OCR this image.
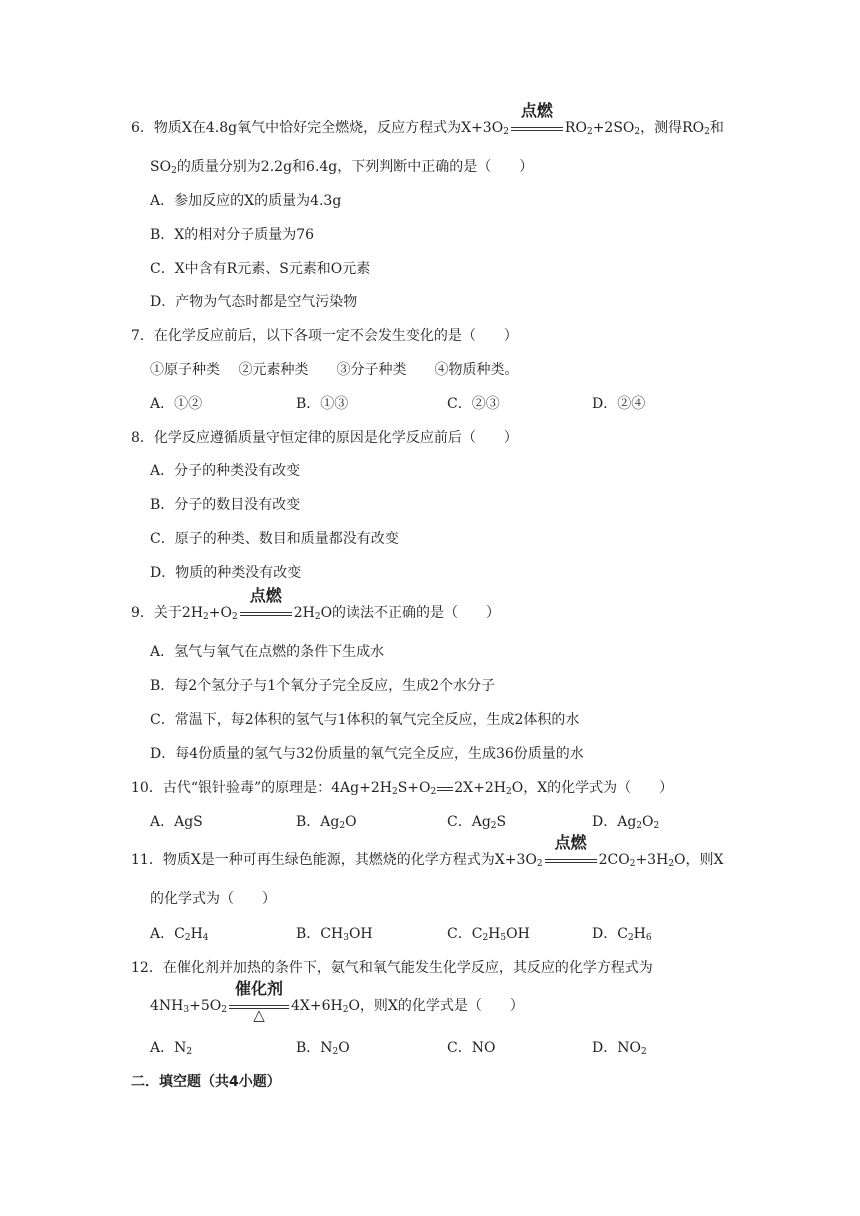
6．物质X在4.8g氧气中恰好完全燃烧，反应方程式为$X+3O_2$
点燃
$RO_2+2SO_2$，测得$RO_2$和
$SO_2$的质量分别为2.2g和6.4g，下列判断中正确的是（　　）
A．参加反应的X的质量为4.3g
B．X的相对分子质量为76
C．X中含有R元素、S元素和O元素
D．产物为气态时都是空气污染物
7．在化学反应前后，以下各项一定不会发生变化的是（　　）
①原子种类　 ②元素种类　　③分子种类　　④物质种类。
A．①②	B．①③	C．②③	D．②④
8．化学反应遵循质量守恒定律的原因是化学反应前后（　　）
A．分子的种类没有改变
B．分子的数目没有改变
C．原子的种类、数目和质量都没有改变
D．物质的种类没有改变
9．关于$2H_2+O_2$
点燃
$2H_2O$的读法不正确的是（　　）
A．氢气与氧气在点燃的条件下生成水
B．每2个氢分子与1个氧分子完全反应，生成2个水分子
C．常温下，每2体积的氢气与1体积的氧气完全反应，生成2体积的水
D．每4份质量的氢气与32份质量的氧气完全反应，生成36份质量的水
10．古代“银针验毒”的原理是：$4Ag+2H_2S+O_2$ $2X+2H_2O$，X的化学式为（　　）
A．AgS	B．$Ag_2O$	C．$Ag_2S$	D．$Ag_2O_2$
11．物质X是一种可再生绿色能源，其燃烧的化学方程式为$X+3O_2$
点燃
$2CO_2+3H_2O$，则X
的化学式为（　　）
A．$C_2H_4$	B．$CH_3OH$	C．$C_2H_5OH$	D．$C_2H_6$
12．在催化剂并加热的条件下，氨气和氧气能发生化学反应，其反应的化学方程式为
$4NH_3+5O_2$
催化剂
△	$4X+6H_2O$，则X的化学式是（　　）
A．$N_2$	B．$N_2O$	C．NO	D．$NO_2$
二．填空题（共4小题）
